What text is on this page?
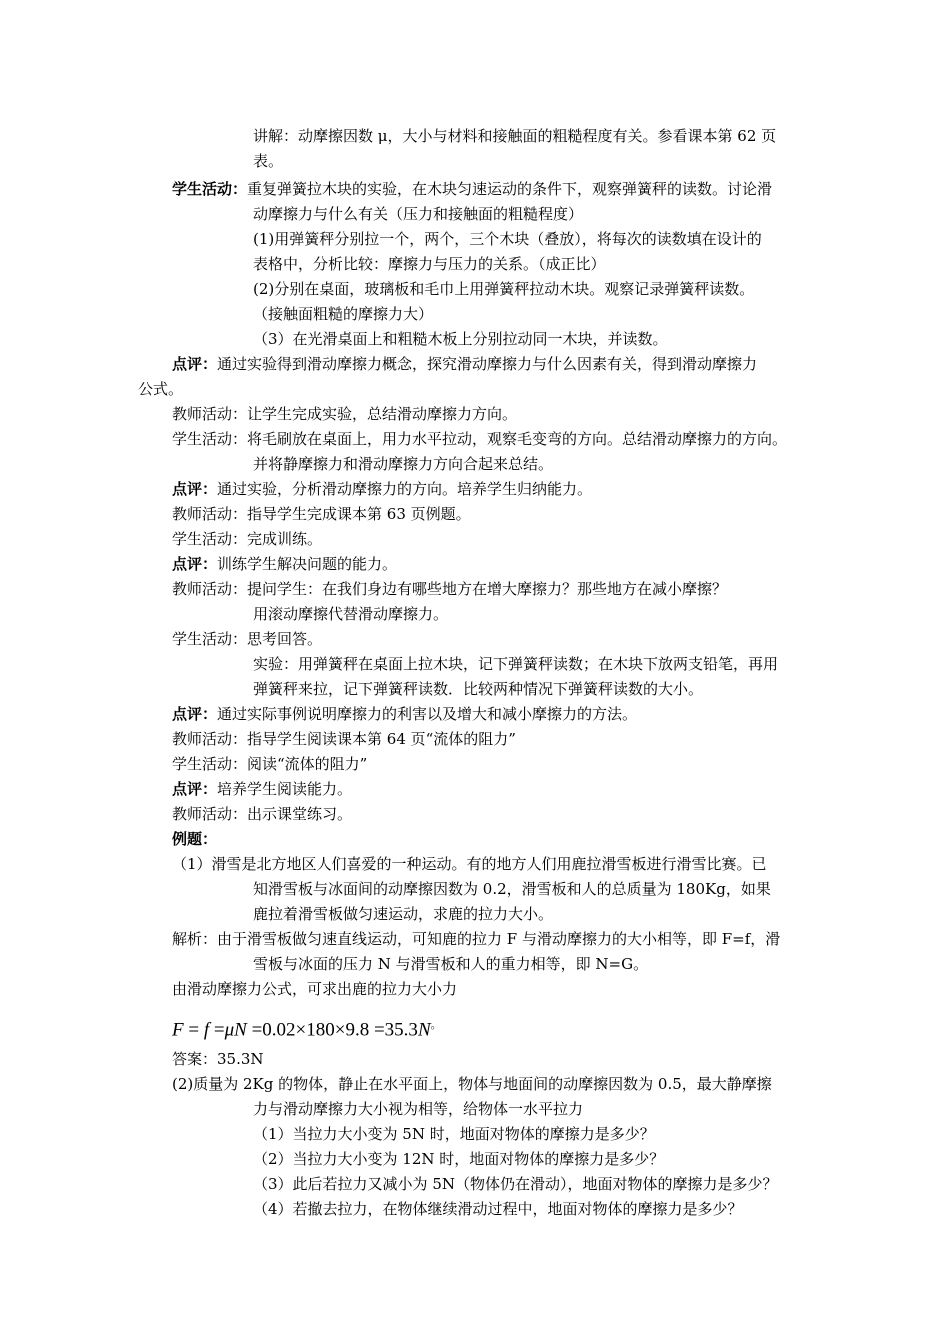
讲解：动摩擦因数 μ，大小与材料和接触面的粗糙程度有关。参看课本第 62 页
表。
学生活动：重复弹簧拉木块的实验，在木块匀速运动的条件下，观察弹簧秤的读数。讨论滑
动摩擦力与什么有关（压力和接触面的粗糙程度）
(1)用弹簧秤分别拉一个，两个，三个木块（叠放），将每次的读数填在设计的
表格中，分析比较：摩擦力与压力的关系。（成正比）
(2)分别在桌面，玻璃板和毛巾上用弹簧秤拉动木块。观察记录弹簧秤读数。
（接触面粗糙的摩擦力大）
（3）在光滑桌面上和粗糙木板上分别拉动同一木块，并读数。
点评：通过实验得到滑动摩擦力概念，探究滑动摩擦力与什么因素有关，得到滑动摩擦力
公式。
教师活动：让学生完成实验，总结滑动摩擦力方向。
学生活动：将毛刷放在桌面上，用力水平拉动，观察毛变弯的方向。总结滑动摩擦力的方向。
并将静摩擦力和滑动摩擦力方向合起来总结。
点评：通过实验，分析滑动摩擦力的方向。培养学生归纳能力。
教师活动：指导学生完成课本第 63 页例题。
学生活动：完成训练。
点评：训练学生解决问题的能力。
教师活动：提问学生：在我们身边有哪些地方在增大摩擦力？那些地方在减小摩擦？
用滚动摩擦代替滑动摩擦力。
学生活动：思考回答。
实验：用弹簧秤在桌面上拉木块，记下弹簧秤读数；在木块下放两支铅笔，再用
弹簧秤来拉，记下弹簧秤读数．比较两种情况下弹簧秤读数的大小。
点评：通过实际事例说明摩擦力的利害以及增大和减小摩擦力的方法。
教师活动：指导学生阅读课本第 64 页“流体的阻力”
学生活动：阅读“流体的阻力”
点评：培养学生阅读能力。
教师活动：出示课堂练习。
例题：
（1）滑雪是北方地区人们喜爱的一种运动。有的地方人们用鹿拉滑雪板进行滑雪比赛。已
知滑雪板与冰面间的动摩擦因数为 0.2，滑雪板和人的总质量为 180Kg，如果
鹿拉着滑雪板做匀速运动，求鹿的拉力大小。
解析：由于滑雪板做匀速直线运动，可知鹿的拉力 F 与滑动摩擦力的大小相等，即 F=f，滑
雪板与冰面的压力 N 与滑雪板和人的重力相等，即 N=G。
由滑动摩擦力公式，可求出鹿的拉力大小力
F = f =μN =0.02×180×9.8 =35.3N。
答案：35.3N
(2)质量为 2Kg 的物体，静止在水平面上，物体与地面间的动摩擦因数为 0.5，最大静摩擦
力与滑动摩擦力大小视为相等，给物体一水平拉力
（1）当拉力大小变为 5N 时，地面对物体的摩擦力是多少？
（2）当拉力大小变为 12N 时，地面对物体的摩擦力是多少？
（3）此后若拉力又减小为 5N（物体仍在滑动），地面对物体的摩擦力是多少？
（4）若撤去拉力，在物体继续滑动过程中，地面对物体的摩擦力是多少？
